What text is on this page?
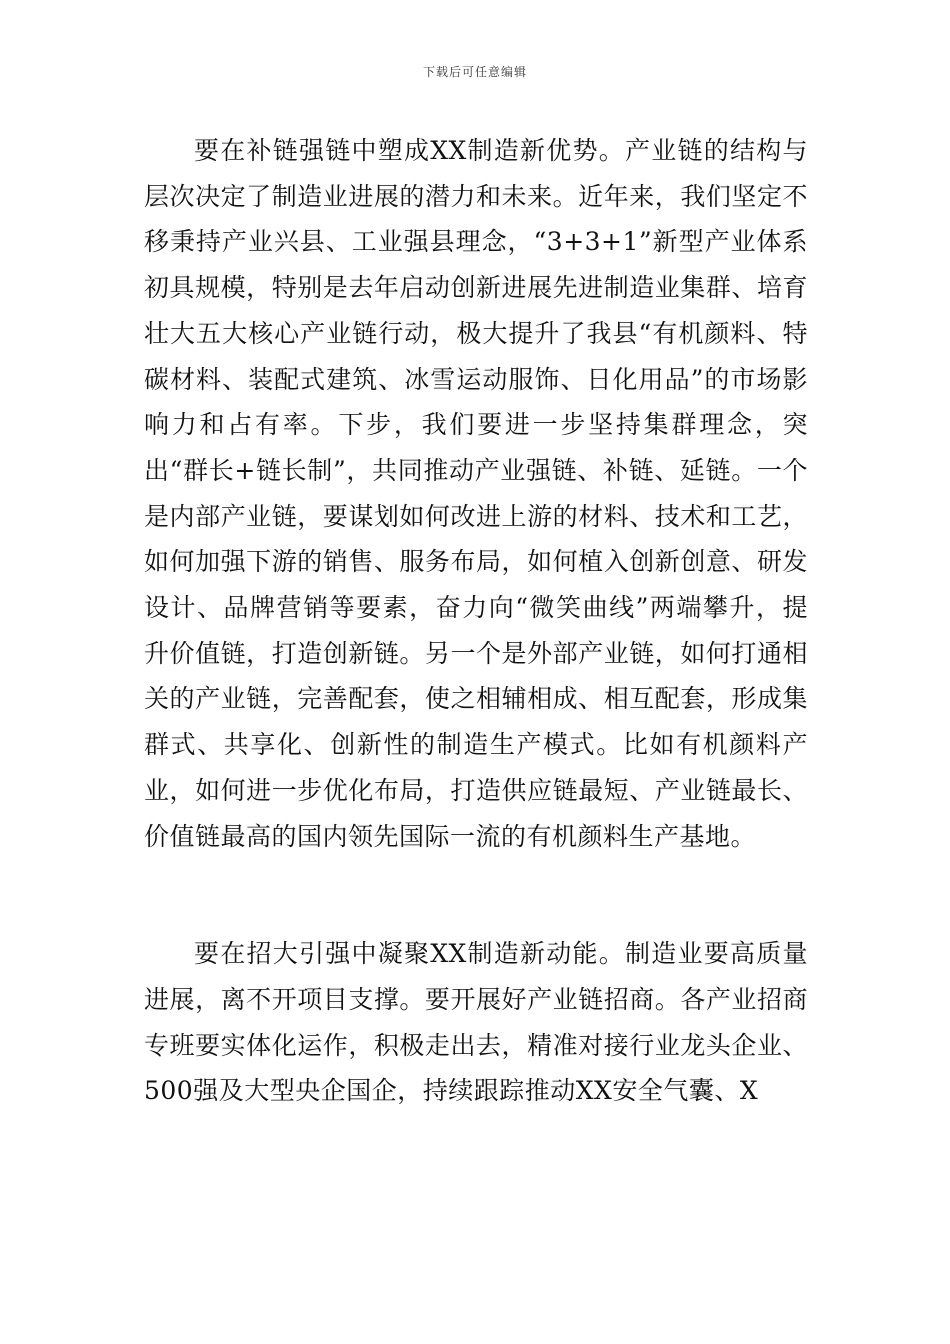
下载后可任意编辑

要在补链强链中塑成XX制造新优势。产业链的结构与层次决定了制造业进展的潜力和未来。近年来，我们坚定不移秉持产业兴县、工业强县理念，“3+3+1”新型产业体系初具规模，特别是去年启动创新进展先进制造业集群、培育壮大五大核心产业链行动，极大提升了我县“有机颜料、特碳材料、装配式建筑、冰雪运动服饰、日化用品”的市场影响力和占有率。下步，我们要进一步坚持集群理念，突出“群长+链长制”，共同推动产业强链、补链、延链。一个是内部产业链，要谋划如何改进上游的材料、技术和工艺，如何加强下游的销售、服务布局，如何植入创新创意、研发设计、品牌营销等要素，奋力向“微笑曲线”两端攀升，提升价值链，打造创新链。另一个是外部产业链，如何打通相关的产业链，完善配套，使之相辅相成、相互配套，形成集群式、共享化、创新性的制造生产模式。比如有机颜料产业，如何进一步优化布局，打造供应链最短、产业链最长、价值链最高的国内领先国际一流的有机颜料生产基地。

要在招大引强中凝聚XX制造新动能。制造业要高质量进展，离不开项目支撑。要开展好产业链招商。各产业招商专班要实体化运作，积极走出去，精准对接行业龙头企业、500强及大型央企国企，持续跟踪推动XX安全气囊、X
